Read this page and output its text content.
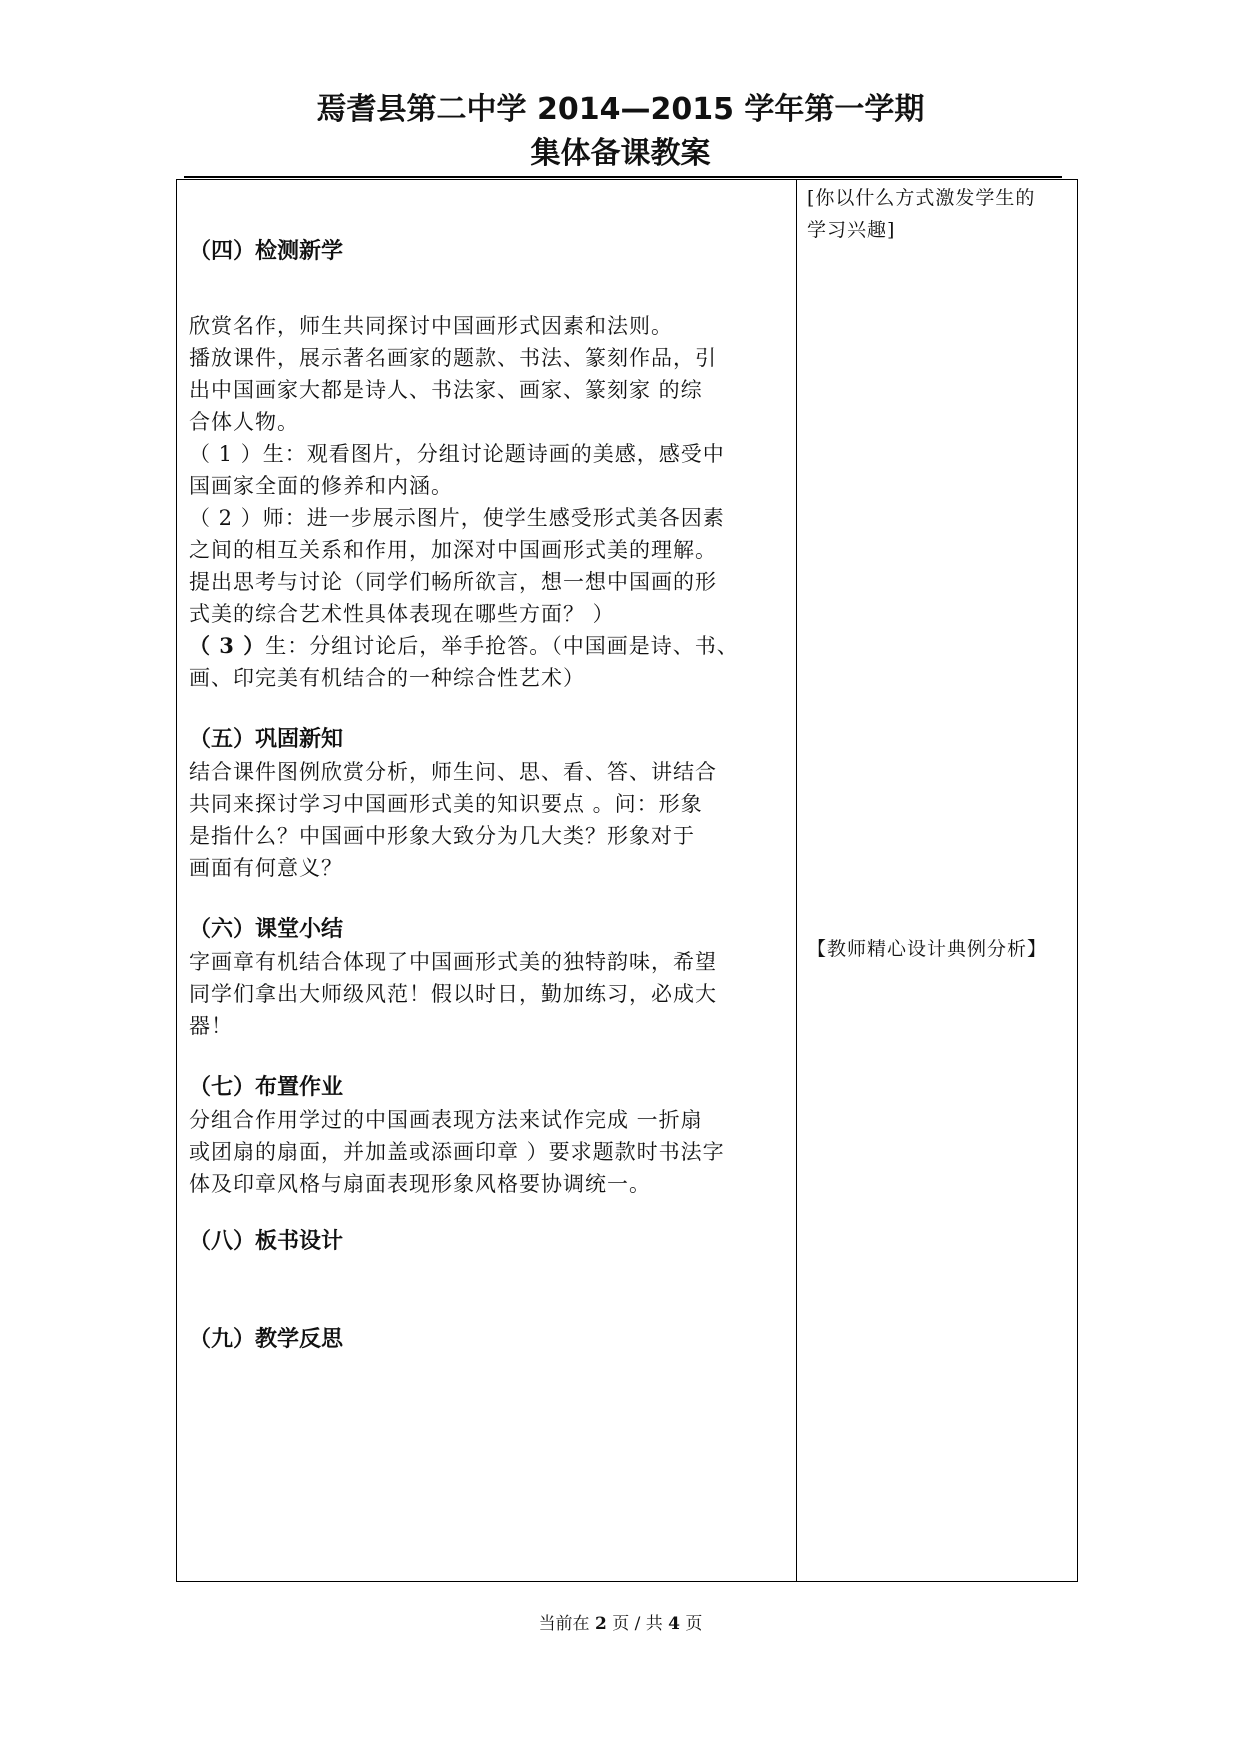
焉耆县第二中学 2014—2015 学年第一学期
集体备课教案
（四）检测新学

欣赏名作，师生共同探讨中国画形式因素和法则。

播放课件，展示著名画家的题款、书法、篆刻作品，引

出中国画家大都是诗人、书法家、画家、篆刻家 的综

合体人物。

（ 1 ）生：观看图片，分组讨论题诗画的美感，感受中

国画家全面的修养和内涵。

（ 2 ）师：进一步展示图片，使学生感受形式美各因素

之间的相互关系和作用，加深对中国画形式美的理解。

提出思考与讨论（同学们畅所欲言，想一想中国画的形

式美的综合艺术性具体表现在哪些方面？ ）

（ 3 ）生：分组讨论后，举手抢答。（中国画是诗、书、

画、印完美有机结合的一种综合性艺术）

（五）巩固新知

结合课件图例欣赏分析，师生问、思、看、答、讲结合

共同来探讨学习中国画形式美的知识要点 。问：形象

是指什么？中国画中形象大致分为几大类？形象对于

画面有何意义？

（六）课堂小结

字画章有机结合体现了中国画形式美的独特韵味，希望

同学们拿出大师级风范！假以时日，勤加练习，必成大

器！

（七）布置作业

分组合作用学过的中国画表现方法来试作完成 一折扇

或团扇的扇面，并加盖或添画印章 ）要求题款时书法字

体及印章风格与扇面表现形象风格要协调统一。

（八）板书设计
（九）教学反思

[你以什么方式激发学生的
学习兴趣]
【教师精心设计典例分析】
当前在 2 页 / 共 4 页
